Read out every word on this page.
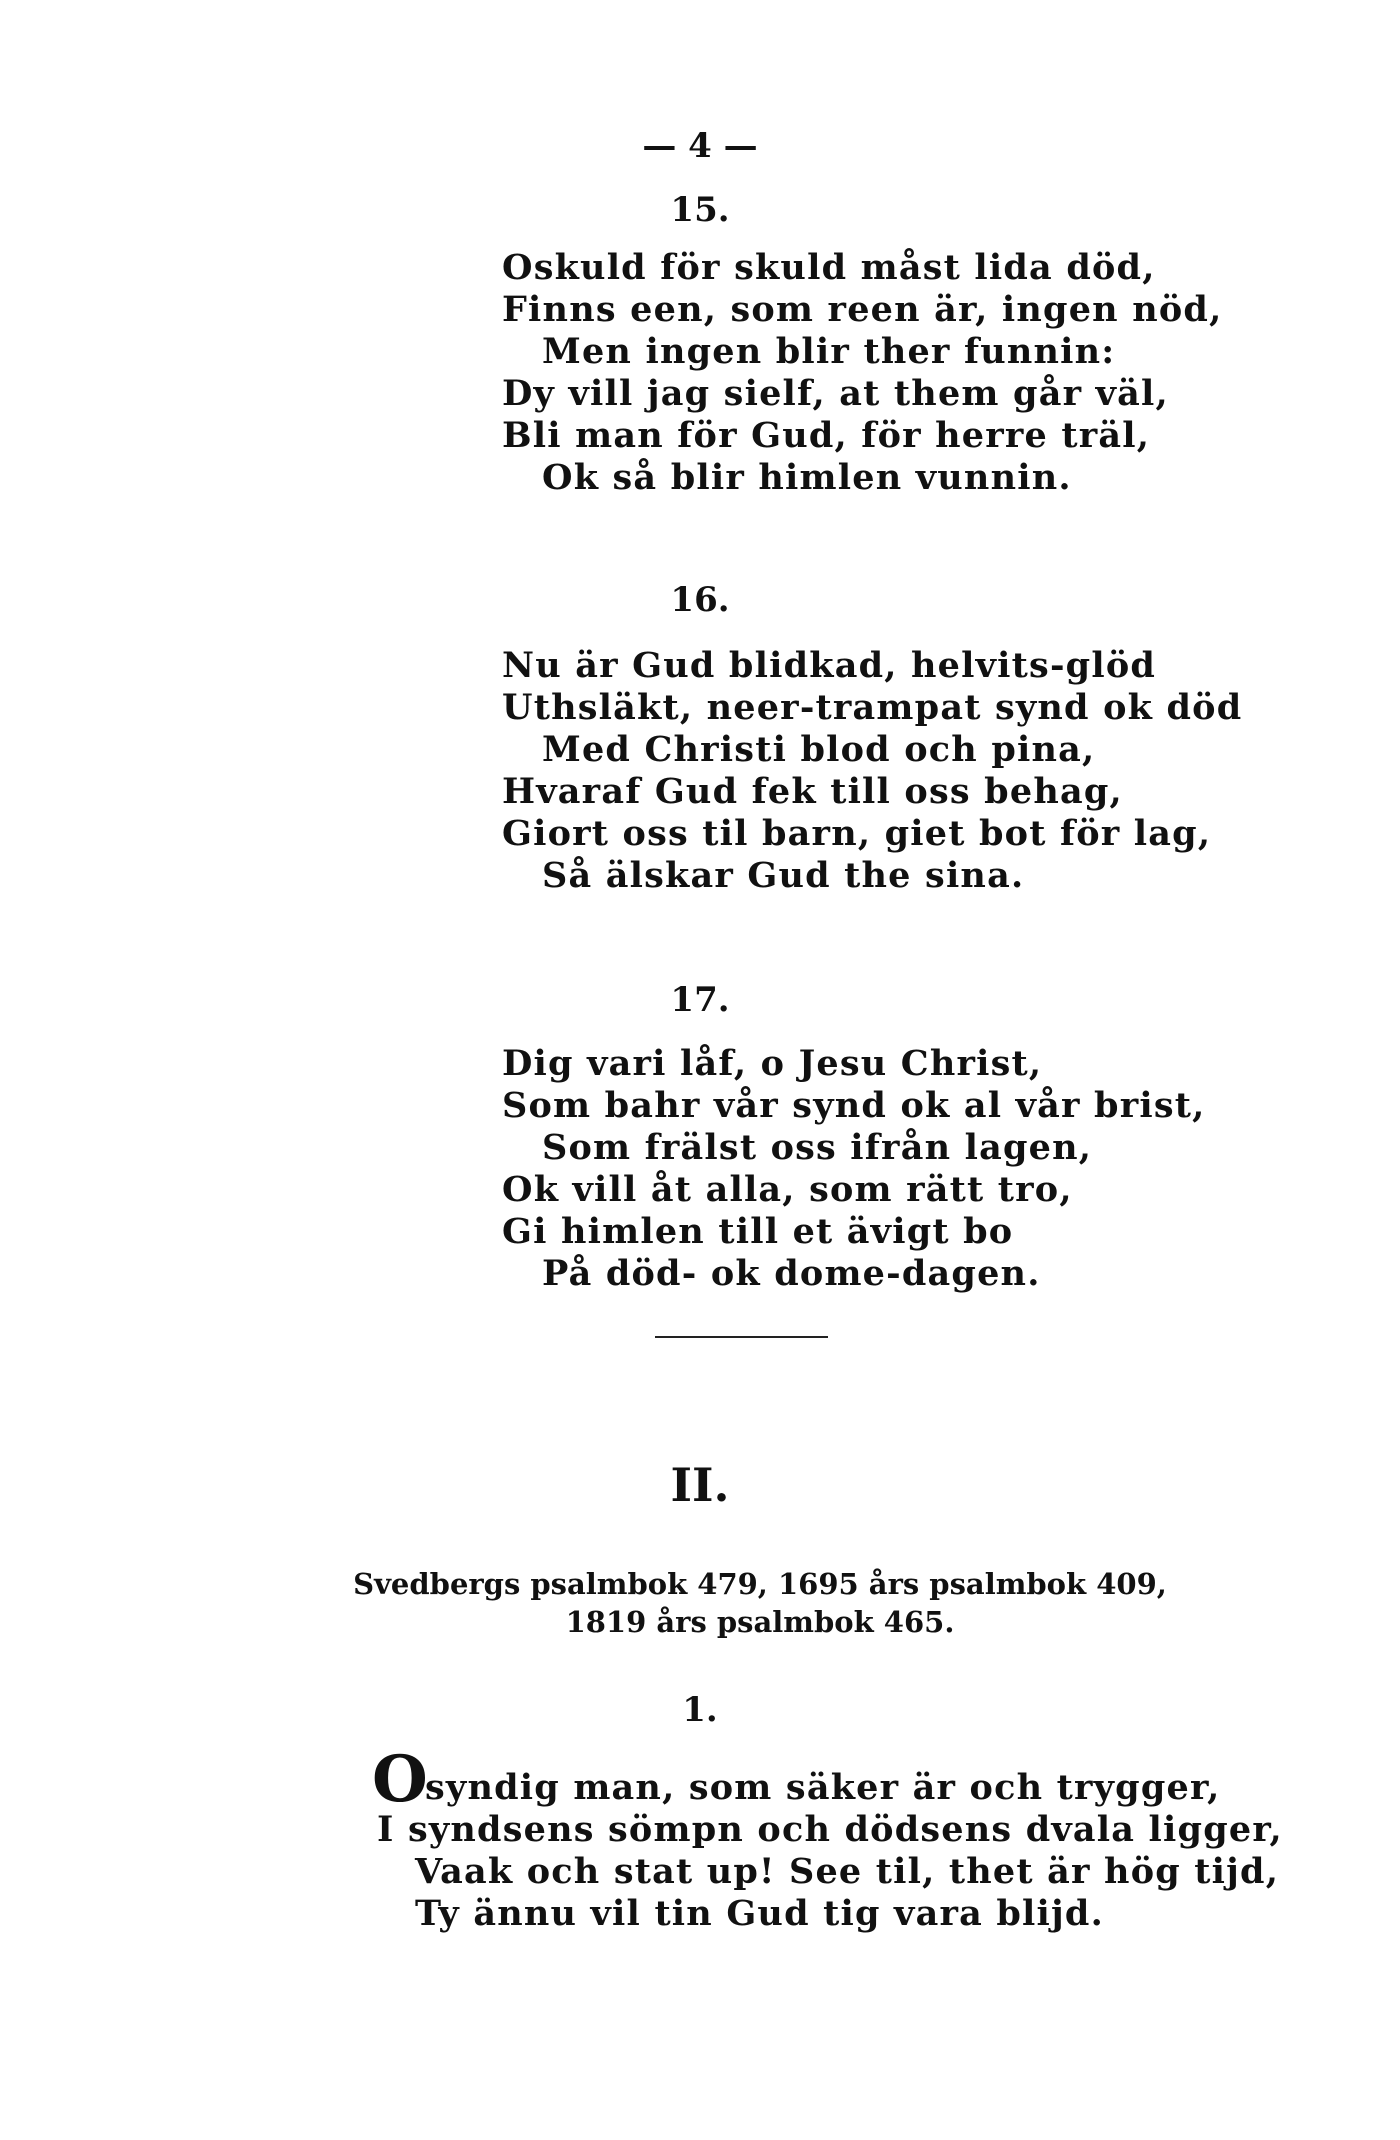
— 4 —
15.
Oskuld för skuld måst lida död,
Finns een, som reen är, ingen nöd,
Men ingen blir ther funnin:
Dy vill jag sielf, at them går väl,
Bli man för Gud, för herre träl,
Ok så blir himlen vunnin.
16.
Nu är Gud blidkad, helvits-glöd
Uthsläkt, neer-trampat synd ok död
Med Christi blod och pina,
Hvaraf Gud fek till oss behag,
Giort oss til barn, giet bot för lag,
Så älskar Gud the sina.
17.
Dig vari låf, o Jesu Christ,
Som bahr vår synd ok al vår brist,
Som frälst oss ifrån lagen,
Ok vill åt alla, som rätt tro,
Gi himlen till et ävigt bo
På död- ok dome-dagen.
II.
Svedbergs psalmbok 479, 1695 års psalmbok 409, 1819 års psalmbok 465.
1.
O
syndig man, som säker är och trygger,
I syndsens sömpn och dödsens dvala ligger,
Vaak och stat up! See til, thet är hög tijd,
Ty ännu vil tin Gud tig vara blijd.
